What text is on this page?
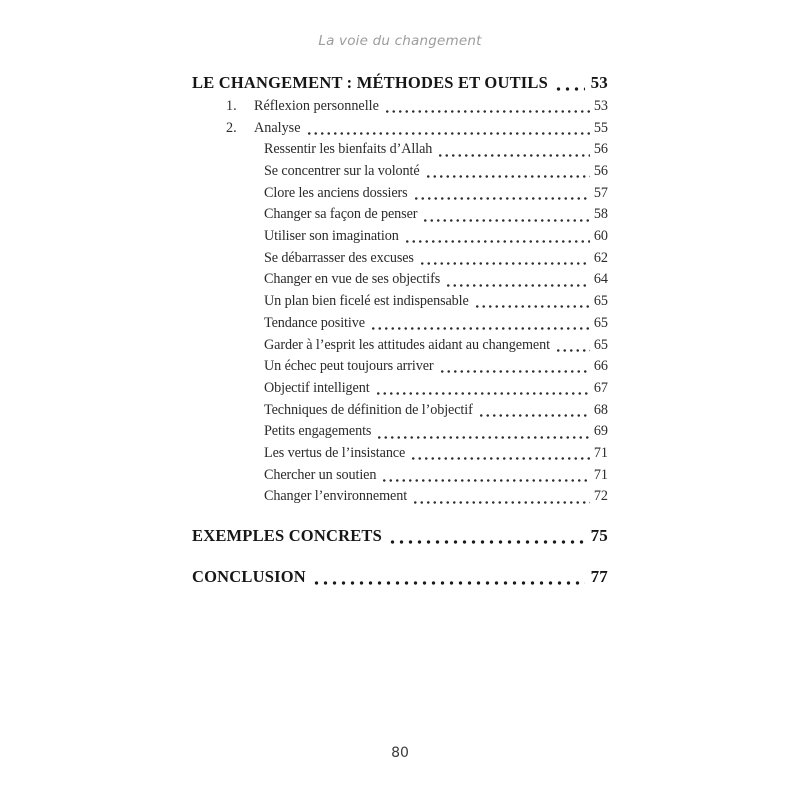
La voie du changement
LE CHANGEMENT : MÉTHODES ET OUTILS	53
1.	Réflexion personnelle	53
2.	Analyse	55
Ressentir les bienfaits d’Allah	56
Se concentrer sur la volonté	56
Clore les anciens dossiers	57
Changer sa façon de penser	58
Utiliser son imagination	60
Se débarrasser des excuses	62
Changer en vue de ses objectifs	64
Un plan bien ficelé est indispensable	65
Tendance positive	65
Garder à l’esprit les attitudes aidant au changement	65
Un échec peut toujours arriver	66
Objectif intelligent	67
Techniques de définition de l’objectif	68
Petits engagements	69
Les vertus de l’insistance	71
Chercher un soutien	71
Changer l’environnement	72
EXEMPLES CONCRETS	75
CONCLUSION	77
80
